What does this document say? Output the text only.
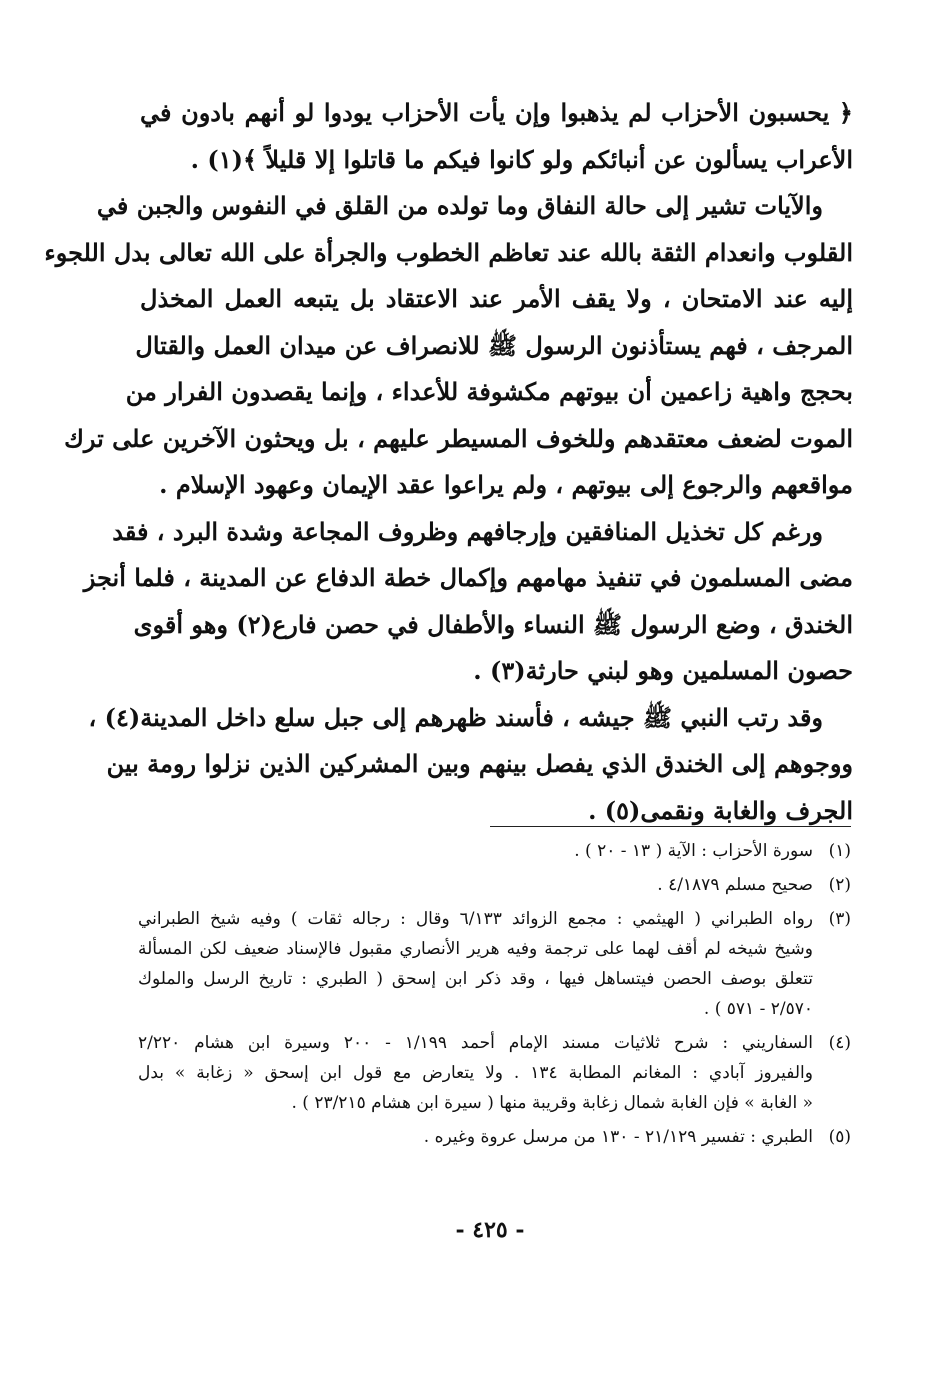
﴿ يحسبون الأحزاب لم يذهبوا وإن يأت الأحزاب يودوا لو أنهم بادون في
الأعراب يسألون عن أنبائكم ولو كانوا فيكم ما قاتلوا إلا قليلاً ﴾(١) .

والآيات تشير إلى حالة النفاق وما تولده من القلق في النفوس والجبن في
القلوب وانعدام الثقة بالله عند تعاظم الخطوب والجرأة على الله تعالى بدل اللجوء
إليه عند الامتحان ، ولا يقف الأمر عند الاعتقاد بل يتبعه العمل المخذل
المرجف ، فهم يستأذنون الرسول ﷺ للانصراف عن ميدان العمل والقتال
بحجج واهية زاعمين أن بيوتهم مكشوفة للأعداء ، وإنما يقصدون الفرار من
الموت لضعف معتقدهم وللخوف المسيطر عليهم ، بل ويحثون الآخرين على ترك
مواقعهم والرجوع إلى بيوتهم ، ولم يراعوا عقد الإيمان وعهود الإسلام .

ورغم كل تخذيل المنافقين وإرجافهم وظروف المجاعة وشدة البرد ، فقد
مضى المسلمون في تنفيذ مهامهم وإكمال خطة الدفاع عن المدينة ، فلما أنجز
الخندق ، وضع الرسول ﷺ النساء والأطفال في حصن فارع(٢) وهو أقوى
حصون المسلمين وهو لبني حارثة(٣) .

وقد رتب النبي ﷺ جيشه ، فأسند ظهرهم إلى جبل سلع داخل المدينة(٤) ،
ووجوهم إلى الخندق الذي يفصل بينهم وبين المشركين الذين نزلوا رومة بين
الجرف والغابة ونقمى(٥) .

(١)
سورة الأحزاب : الآية ( ١٣ - ٢٠ ) .
(٢)
صحيح مسلم ٤/١٨٧٩ .
(٣)
رواه الطبراني ( الهيثمي : مجمع الزوائد ٦/١٣٣ وقال : رجاله ثقات ) وفيه شيخ الطبراني
وشيخ شيخه لم أقف لهما على ترجمة وفيه هرير الأنصاري مقبول فالإسناد ضعيف لكن المسألة
تتعلق بوصف الحصن فيتساهل فيها ، وقد ذكر ابن إسحق ( الطبري : تاريخ الرسل والملوك
٢/٥٧٠ - ٥٧١ ) .
(٤)
السفاريني : شرح ثلاثيات مسند الإمام أحمد ١/١٩٩ - ٢٠٠ وسيرة ابن هشام ٢/٢٢٠
والفيروز آبادي : المغانم المطابة ١٣٤ . ولا يتعارض مع قول ابن إسحق « زغابة » بدل
« الغابة » فإن الغابة شمال زغابة وقريبة منها ( سيرة ابن هشام ٢٣/٢١٥ ) .
(٥)
الطبري : تفسير ٢١/١٢٩ - ١٣٠ من مرسل عروة وغيره .
- ٤٢٥ -
